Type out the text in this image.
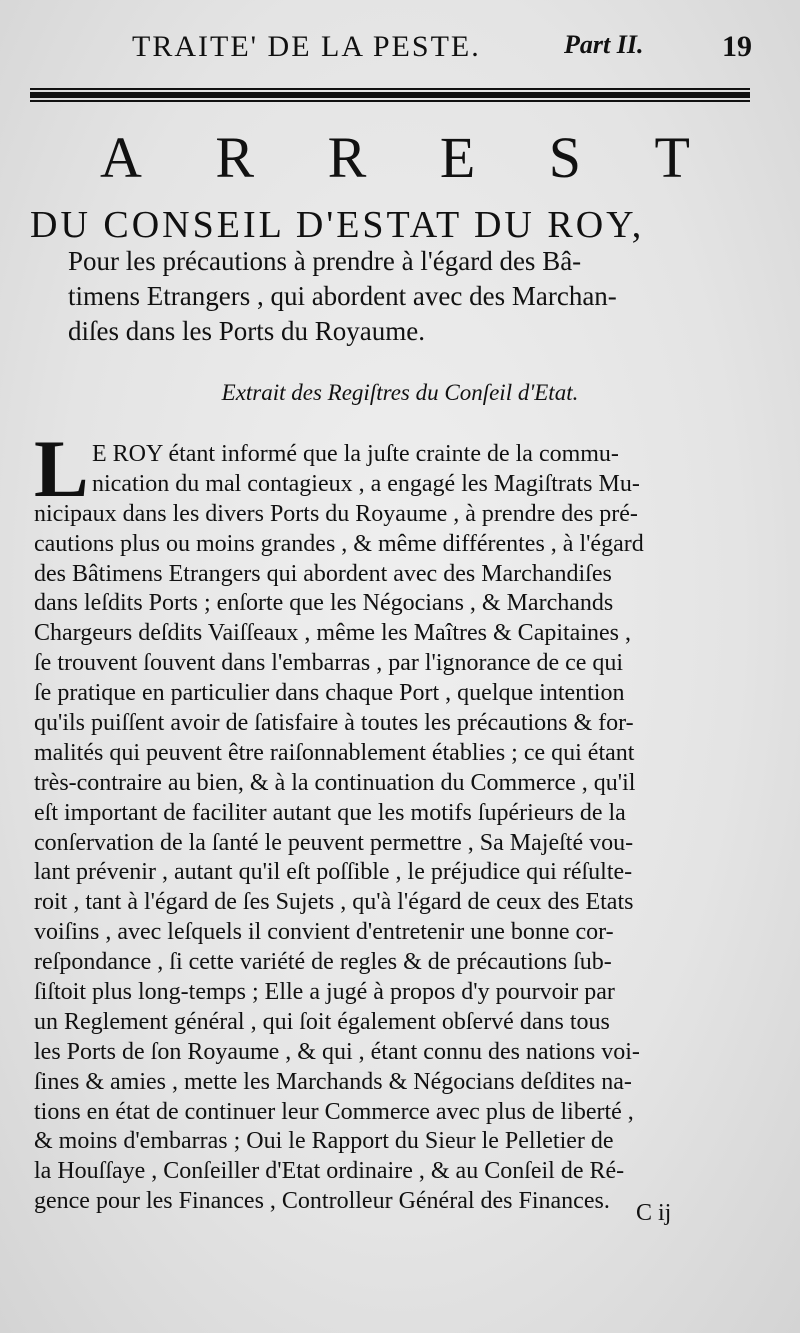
TRAITE' DE LA PESTE.	Part II.	19
A R R E S T
DU CONSEIL D'ESTAT DU ROY,
Pour les précautions à prendre à l'égard des Bâ-
timens Etrangers , qui abordent avec des Marchan-
diſes dans les Ports du Royaume.
Extrait des Regiſtres du Conſeil d'Etat.
L E ROY étant informé que la juſte crainte de la commu-
nication du mal contagieux , a engagé les Magiſtrats Mu-
nicipaux dans les divers Ports du Royaume , à prendre des pré-
cautions plus ou moins grandes , & même différentes , à l'égard
des Bâtimens Etrangers qui abordent avec des Marchandiſes
dans leſdits Ports ; enſorte que les Négocians , & Marchands
Chargeurs deſdits Vaiſſeaux , même les Maîtres & Capitaines ,
ſe trouvent ſouvent dans l'embarras , par l'ignorance de ce qui
ſe pratique en particulier dans chaque Port , quelque intention
qu'ils puiſſent avoir de ſatisfaire à toutes les précautions & for-
malités qui peuvent être raiſonnablement établies ; ce qui étant
très-contraire au bien, & à la continuation du Commerce , qu'il
eſt important de faciliter autant que les motifs ſupérieurs de la
conſervation de la ſanté le peuvent permettre , Sa Majeſté vou-
lant prévenir , autant qu'il eſt poſſible , le préjudice qui réſulte-
roit , tant à l'égard de ſes Sujets , qu'à l'égard de ceux des Etats
voiſins , avec leſquels il convient d'entretenir une bonne cor-
reſpondance , ſi cette variété de regles & de précautions ſub-
ſiſtoit plus long-temps ; Elle a jugé à propos d'y pourvoir par
un Reglement général , qui ſoit également obſervé dans tous
les Ports de ſon Royaume , & qui , étant connu des nations voi-
ſines & amies , mette les Marchands & Négocians deſdites na-
tions en état de continuer leur Commerce avec plus de liberté ,
& moins d'embarras ; Oui le Rapport du Sieur le Pelletier de
la Houſſaye , Conſeiller d'Etat ordinaire , & au Conſeil de Ré-
gence pour les Finances , Controlleur Général des Finances.	C ij
